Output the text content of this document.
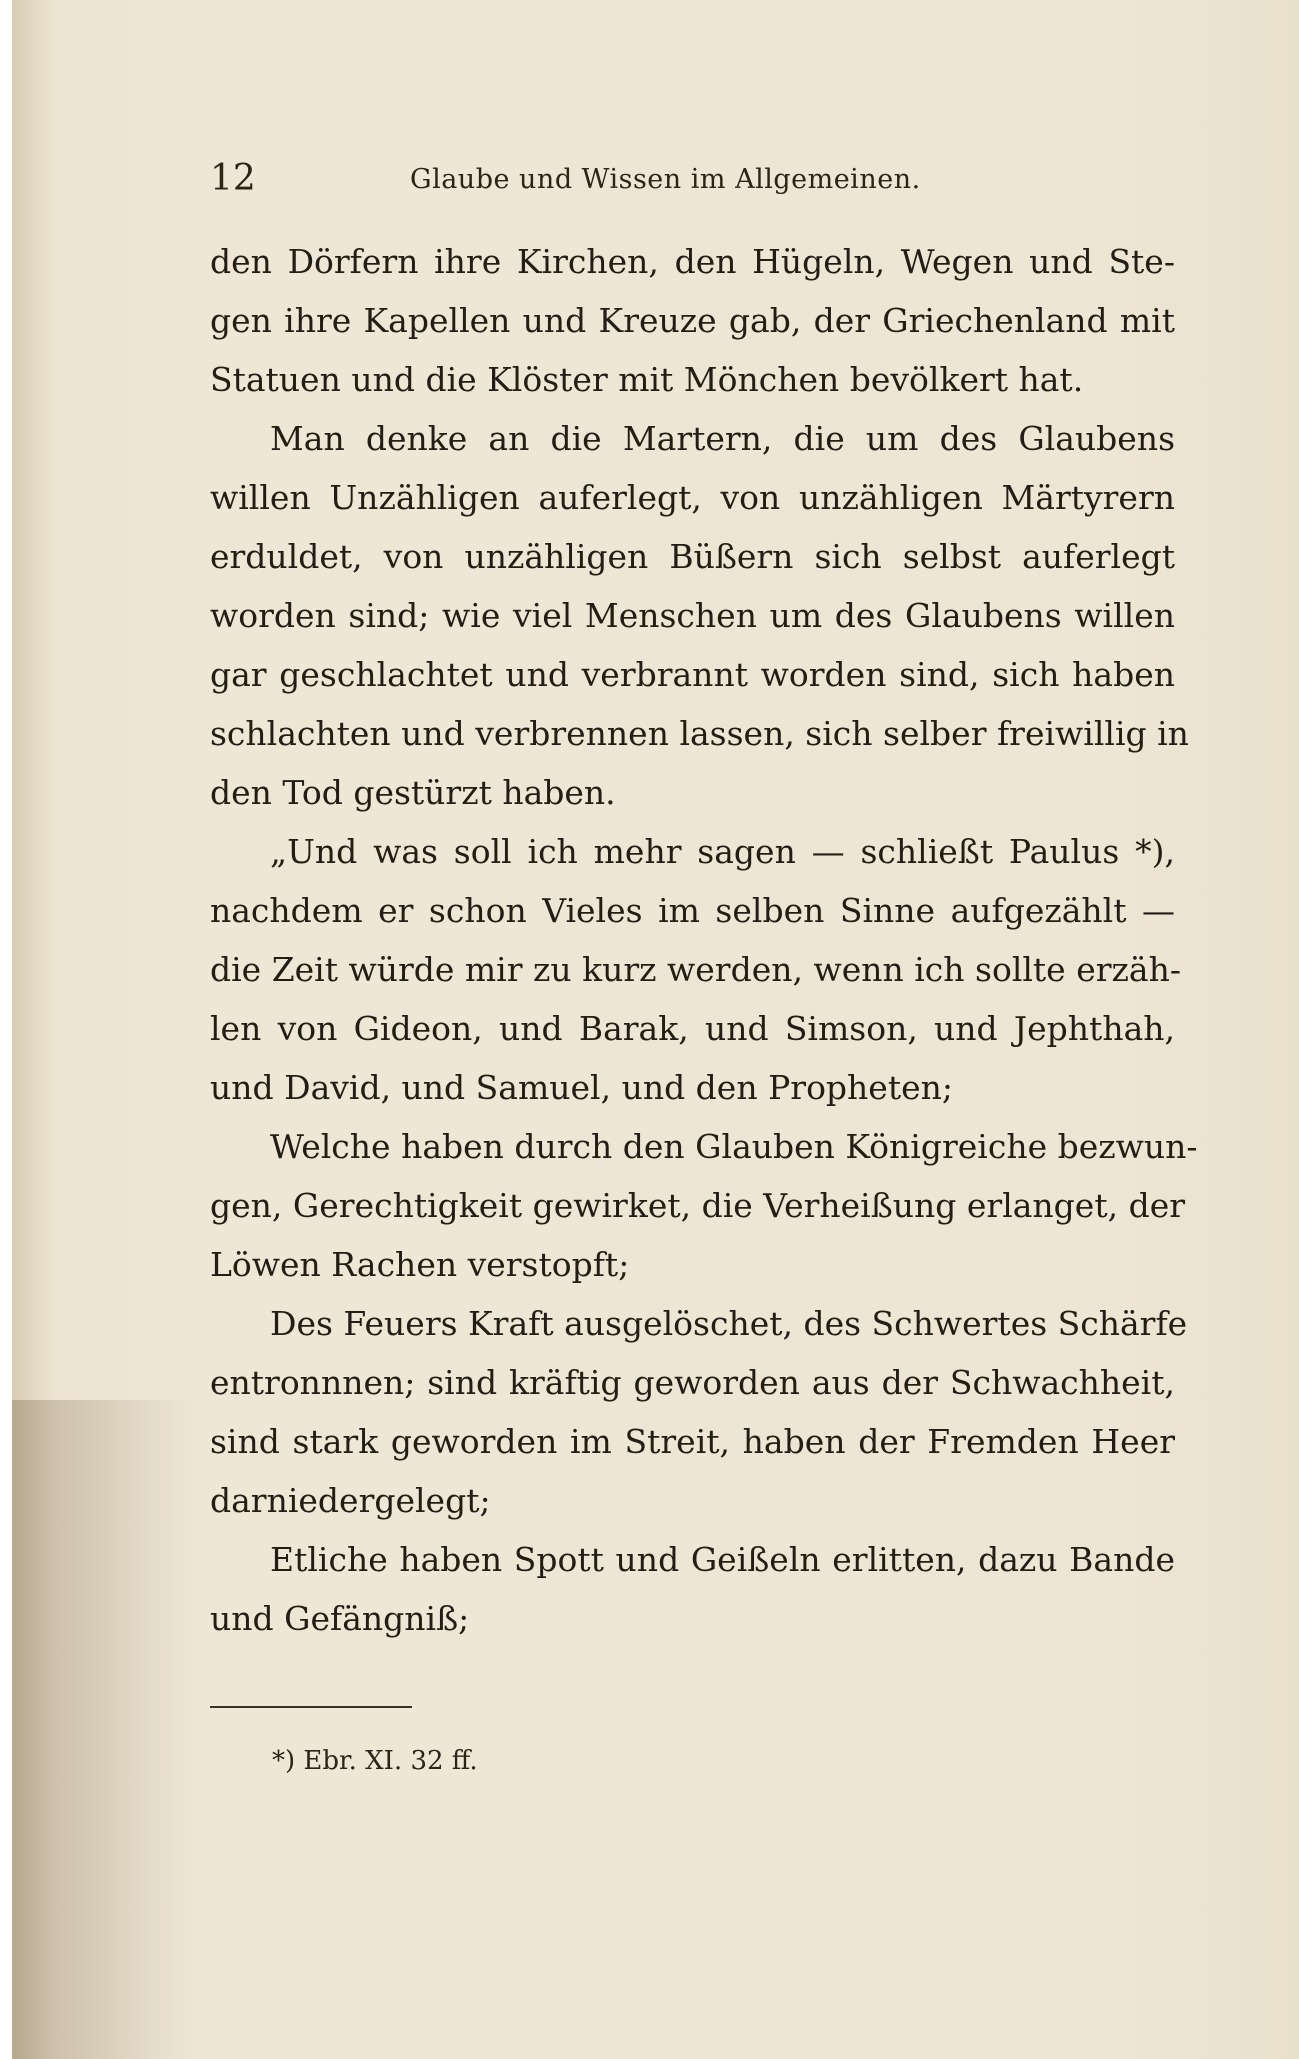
12	Glaube und Wissen im Allgemeinen.
den Dörfern ihre Kirchen, den Hügeln, Wegen und Ste-
gen ihre Kapellen und Kreuze gab, der Griechenland mit
Statuen und die Klöster mit Mönchen bevölkert hat.
Man denke an die Martern, die um des Glaubens
willen Unzähligen auferlegt, von unzähligen Märtyrern
erduldet, von unzähligen Büßern sich selbst auferlegt
worden sind; wie viel Menschen um des Glaubens willen
gar geschlachtet und verbrannt worden sind, sich haben
schlachten und verbrennen lassen, sich selber freiwillig in
den Tod gestürzt haben.
„Und was soll ich mehr sagen — schließt Paulus *),
nachdem er schon Vieles im selben Sinne aufgezählt —
die Zeit würde mir zu kurz werden, wenn ich sollte erzäh-
len von Gideon, und Barak, und Simson, und Jephthah,
und David, und Samuel, und den Propheten;
Welche haben durch den Glauben Königreiche bezwun-
gen, Gerechtigkeit gewirket, die Verheißung erlanget, der
Löwen Rachen verstopft;
Des Feuers Kraft ausgelöschet, des Schwertes Schärfe
entronnnen; sind kräftig geworden aus der Schwachheit,
sind stark geworden im Streit, haben der Fremden Heer
darniedergelegt;
Etliche haben Spott und Geißeln erlitten, dazu Bande
und Gefängniß;
*) Ebr. XI. 32 ff.
